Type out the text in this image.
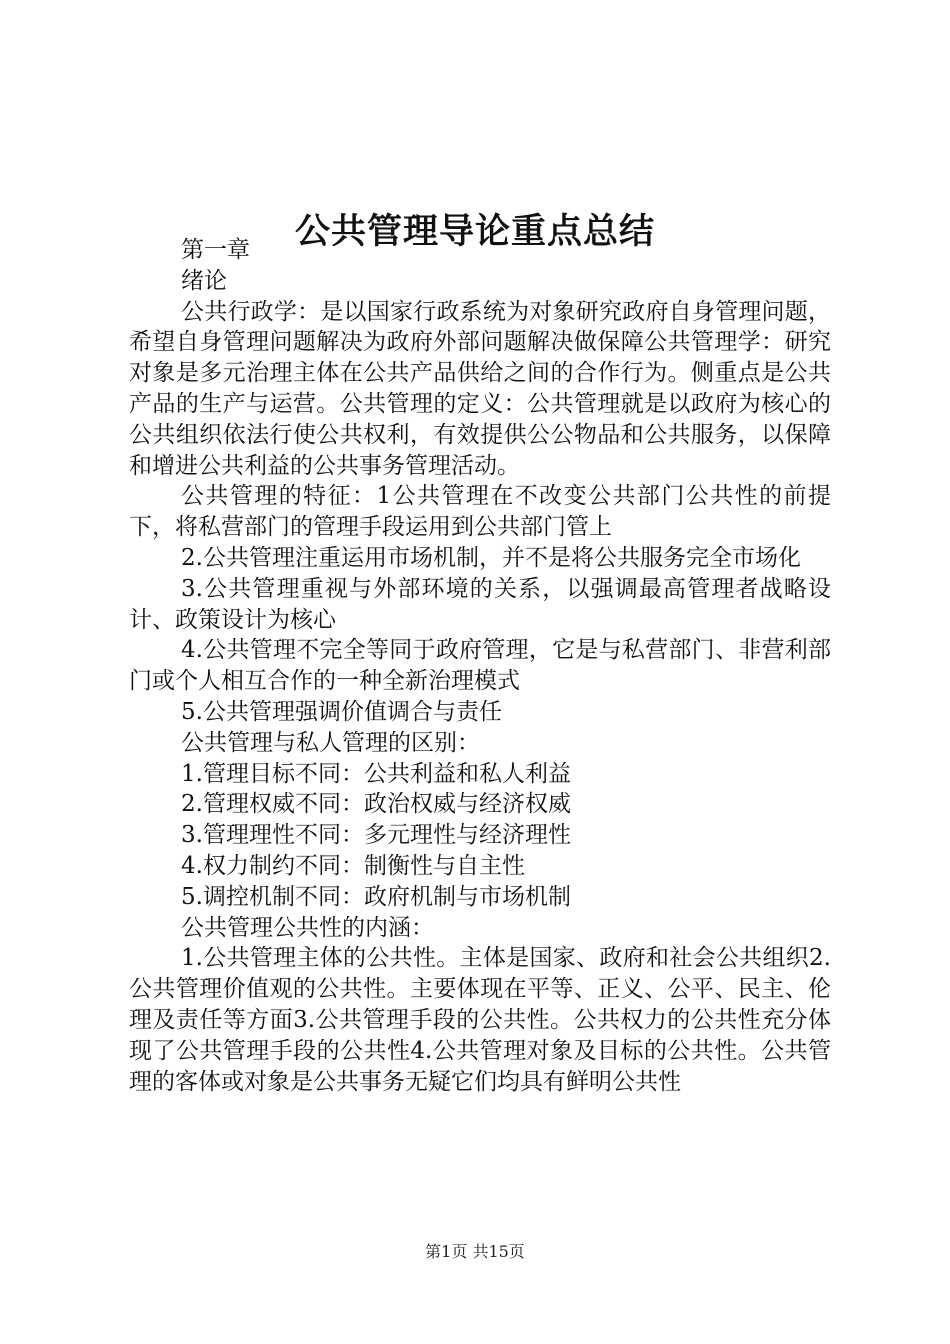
公共管理导论重点总结

第一章

绪论

公共行政学：是以国家行政系统为对象研究政府自身管理问题，希望自身管理问题解决为政府外部问题解决做保障公共管理学：研究对象是多元治理主体在公共产品供给之间的合作行为。侧重点是公共产品的生产与运营。公共管理的定义：公共管理就是以政府为核心的公共组织依法行使公共权利，有效提供公公物品和公共服务，以保障和增进公共利益的公共事务管理活动。

公共管理的特征：1公共管理在不改变公共部门公共性的前提下，将私营部门的管理手段运用到公共部门管上

2.公共管理注重运用市场机制，并不是将公共服务完全市场化

3.公共管理重视与外部环境的关系，以强调最高管理者战略设计、政策设计为核心

4.公共管理不完全等同于政府管理，它是与私营部门、非营利部门或个人相互合作的一种全新治理模式

5.公共管理强调价值调合与责任

公共管理与私人管理的区别：

1.管理目标不同：公共利益和私人利益

2.管理权威不同：政治权威与经济权威

3.管理理性不同：多元理性与经济理性

4.权力制约不同：制衡性与自主性

5.调控机制不同：政府机制与市场机制

公共管理公共性的内涵：

1.公共管理主体的公共性。主体是国家、政府和社会公共组织2.公共管理价值观的公共性。主要体现在平等、正义、公平、民主、伦理及责任等方面3.公共管理手段的公共性。公共权力的公共性充分体现了公共管理手段的公共性4.公共管理对象及目标的公共性。公共管理的客体或对象是公共事务无疑它们均具有鲜明公共性

第1页 共15页
